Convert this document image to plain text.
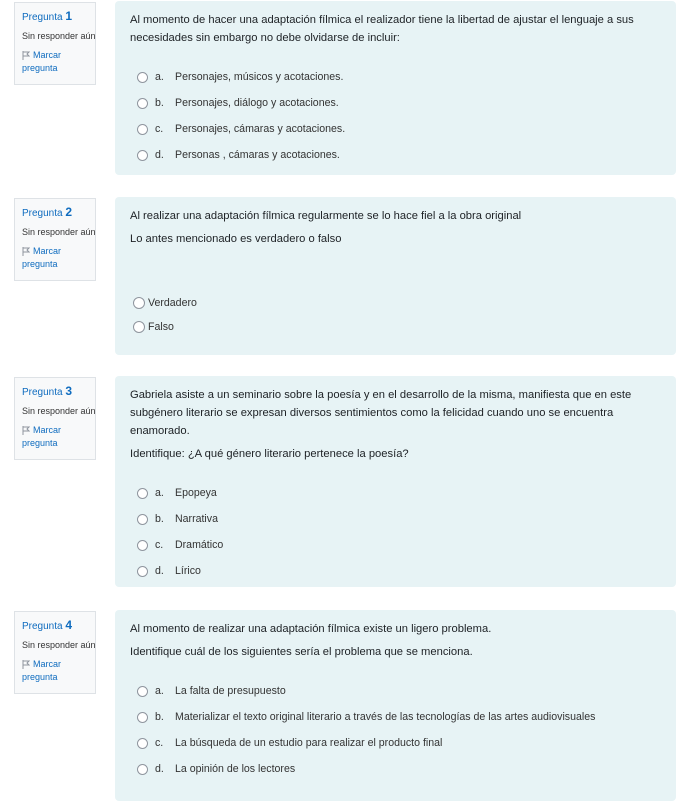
Pregunta 1
Sin responder aún
Marcar
pregunta

Al momento de hacer una adaptación fílmica el realizador tiene la libertad de ajustar el lenguaje a sus necesidades sin embargo no debe olvidarse de incluir:

a.	Personajes, músicos y acotaciones.
b.	Personajes, diálogo y acotaciones.
c.	Personajes, cámaras y acotaciones.
d.	Personas , cámaras y acotaciones.
Pregunta 2
Sin responder aún
Marcar
pregunta

Al realizar una adaptación fílmica regularmente se lo hace fiel a la obra original

Lo antes mencionado es verdadero o falso

Verdadero
Falso
Pregunta 3
Sin responder aún
Marcar
pregunta

Gabriela asiste a un seminario sobre la poesía y en el desarrollo de la misma, manifiesta que en este subgénero literario se expresan diversos sentimientos como la felicidad cuando uno se encuentra enamorado.

Identifique: ¿A qué género literario pertenece la poesía?

a.	Epopeya
b.	Narrativa
c.	Dramático
d.	Lírico
Pregunta 4
Sin responder aún
Marcar
pregunta

Al momento de realizar una adaptación fílmica existe un ligero problema.

Identifique cuál de los siguientes sería el problema que se menciona.

a.	La falta de presupuesto
b.	Materializar el texto original literario a través de las tecnologías de las artes audiovisuales
c.	La búsqueda de un estudio para realizar el producto final
d.	La opinión de los lectores
